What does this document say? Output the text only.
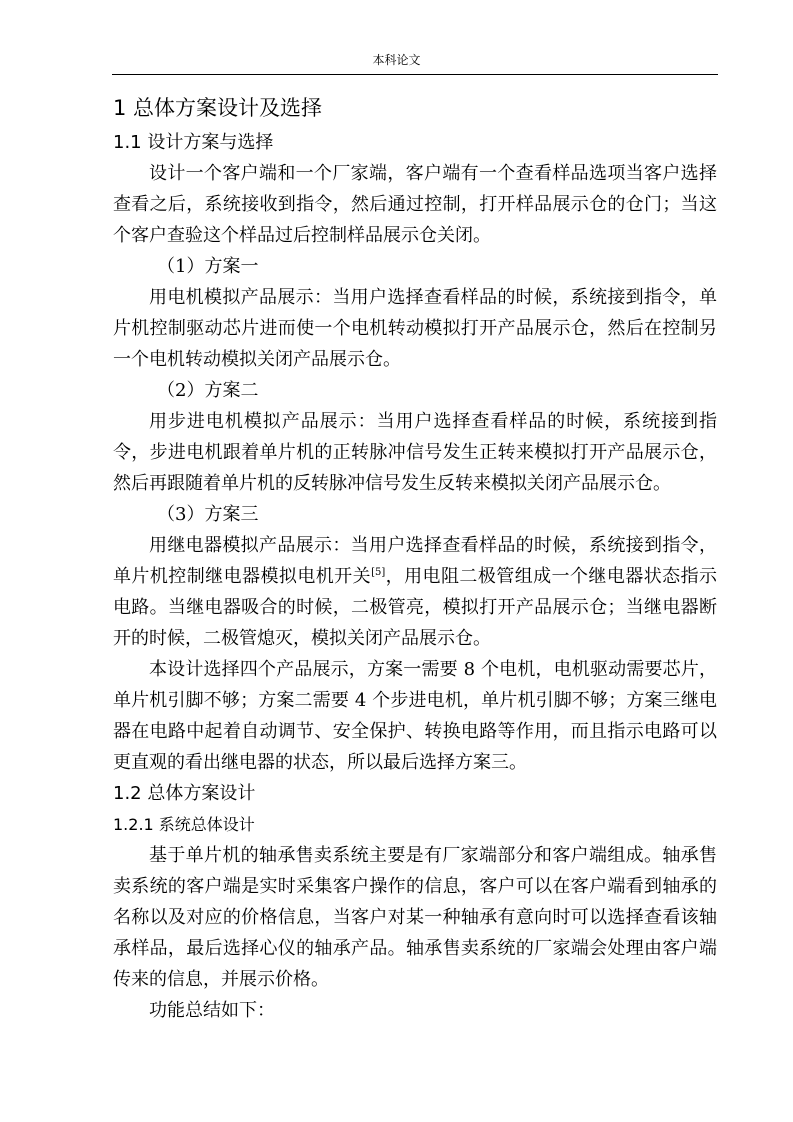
本科论文
1 总体方案设计及选择
1.1 设计方案与选择

设计一个客户端和一个厂家端，客户端有一个查看样品选项当客户选择查看之后，系统接收到指令，然后通过控制，打开样品展示仓的仓门；当这个客户查验这个样品过后控制样品展示仓关闭。

（1）方案一

用电机模拟产品展示：当用户选择查看样品的时候，系统接到指令，单片机控制驱动芯片进而使一个电机转动模拟打开产品展示仓，然后在控制另一个电机转动模拟关闭产品展示仓。

（2）方案二

用步进电机模拟产品展示：当用户选择查看样品的时候，系统接到指令，步进电机跟着单片机的正转脉冲信号发生正转来模拟打开产品展示仓，然后再跟随着单片机的反转脉冲信号发生反转来模拟关闭产品展示仓。

（3）方案三

用继电器模拟产品展示：当用户选择查看样品的时候，系统接到指令，单片机控制继电器模拟电机开关[5]，用电阻二极管组成一个继电器状态指示电路。当继电器吸合的时候，二极管亮，模拟打开产品展示仓；当继电器断开的时候，二极管熄灭，模拟关闭产品展示仓。

本设计选择四个产品展示，方案一需要 8 个电机，电机驱动需要芯片，单片机引脚不够；方案二需要 4 个步进电机，单片机引脚不够；方案三继电器在电路中起着自动调节、安全保护、转换电路等作用，而且指示电路可以更直观的看出继电器的状态，所以最后选择方案三。

1.2 总体方案设计
1.2.1 系统总体设计

基于单片机的轴承售卖系统主要是有厂家端部分和客户端组成。轴承售卖系统的客户端是实时采集客户操作的信息，客户可以在客户端看到轴承的名称以及对应的价格信息，当客户对某一种轴承有意向时可以选择查看该轴承样品，最后选择心仪的轴承产品。轴承售卖系统的厂家端会处理由客户端传来的信息，并展示价格。

功能总结如下：
